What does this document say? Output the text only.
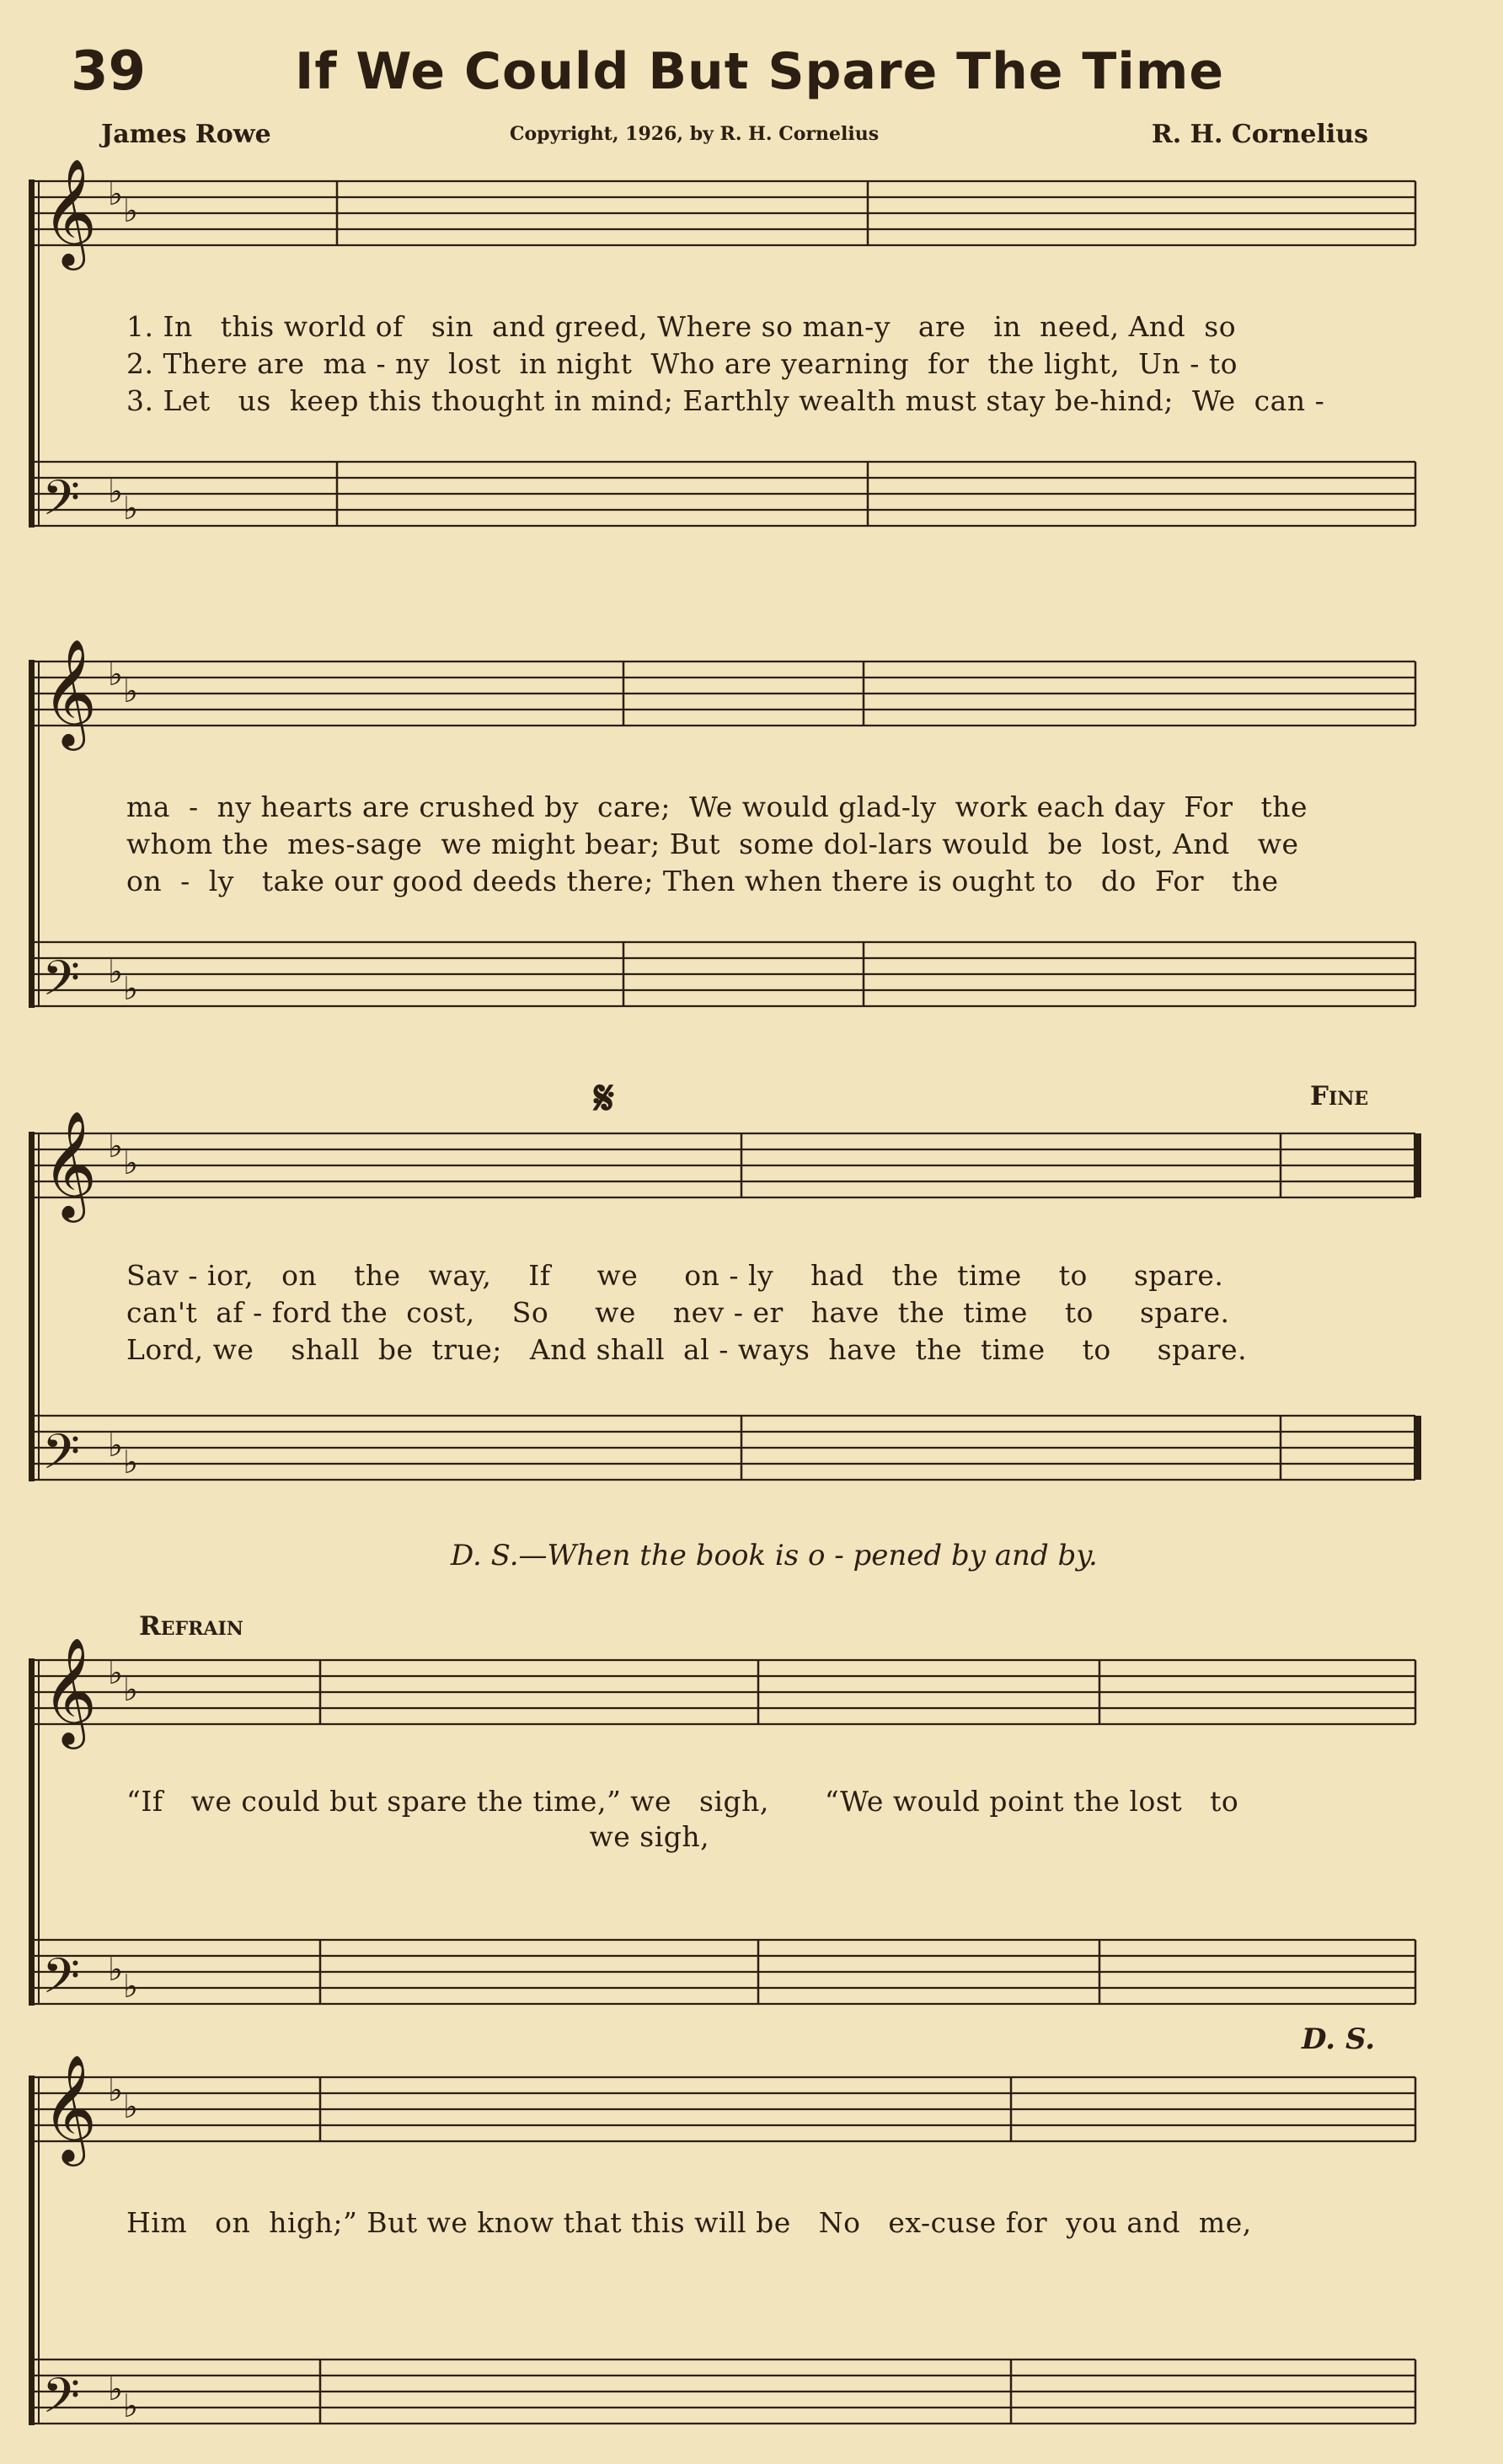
39	If We Could But Spare The Time
James Rowe	Copyright, 1926, by R. H. Cornelius	R. H. Cornelius
𝄞 ♭ ♭
𝄢 ♭ ♭
𝄞 ♭ ♭
𝄢 ♭ ♭
𝄞 ♭ ♭
𝄢 ♭ ♭
𝄞 ♭ ♭
𝄢 ♭ ♭
𝄞 ♭ ♭
𝄢 ♭ ♭
1. In   this world of   sin  and greed, Where so man-y   are   in  need, And  so
2. There are  ma - ny  lost  in night  Who are yearning  for  the light,  Un - to
3. Let   us  keep this thought in mind; Earthly wealth must stay be-hind;  We  can -
ma  -  ny hearts are crushed by  care;  We would glad-ly  work each day  For   the
whom the  mes-sage  we might bear; But  some dol-lars would  be  lost, And   we
on  -  ly   take our good deeds there; Then when there is ought to   do  For   the
𝄋	Fine
Sav - ior,   on    the   way,    If     we     on - ly    had   the  time    to     spare.
can't  af - ford the  cost,    So     we    nev - er   have  the  time    to     spare.
Lord, we    shall  be  true;   And shall  al - ways  have  the  time    to     spare.
D. S.—When the book is o - pened by and by.
Refrain
“If   we could but spare the time,” we   sigh,      “We would point the lost   to
we sigh,
D. S.
Him   on  high;” But we know that this will be   No   ex-cuse for  you and  me,
